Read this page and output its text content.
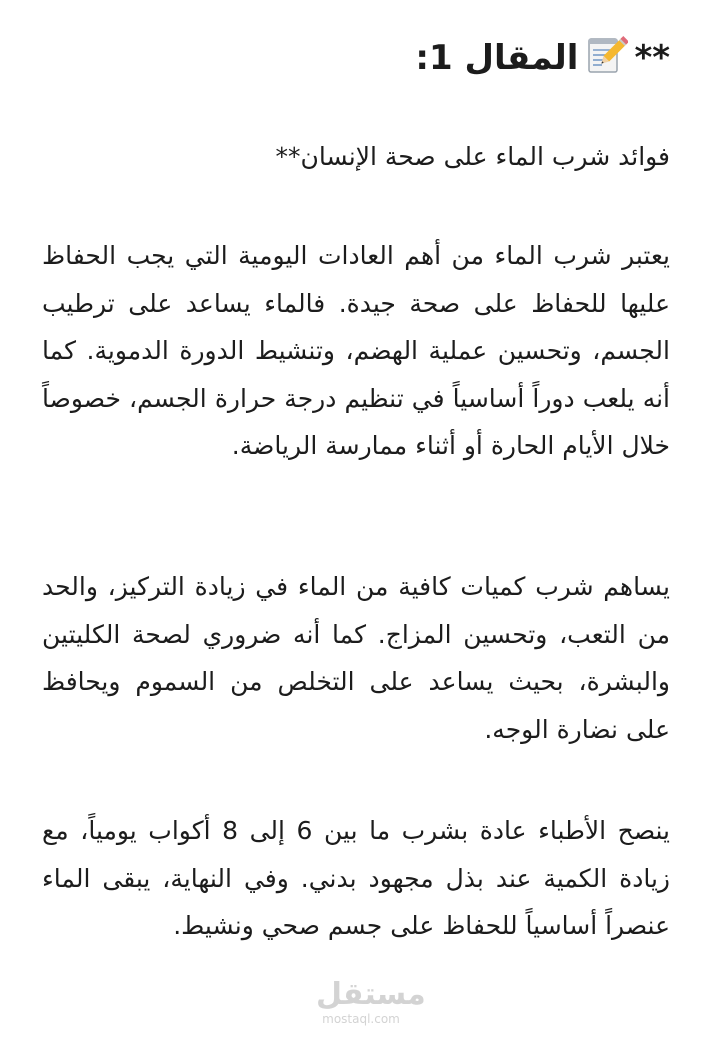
**المقال 1:

فوائد شرب الماء على صحة الإنسان**

يعتبر شرب الماء من أهم العادات اليومية التي يجب الحفاظ عليها للحفاظ على صحة جيدة. فالماء يساعد على ترطيب الجسم، وتحسين عملية الهضم، وتنشيط الدورة الدموية. كما أنه يلعب دوراً أساسياً في تنظيم درجة حرارة الجسم، خصوصاً خلال الأيام الحارة أو أثناء ممارسة الرياضة.

يساهم شرب كميات كافية من الماء في زيادة التركيز، والحد من التعب، وتحسين المزاج. كما أنه ضروري لصحة الكليتين والبشرة، بحيث يساعد على التخلص من السموم ويحافظ على نضارة الوجه.

ينصح الأطباء عادة بشرب ما بين 6 إلى 8 أكواب يومياً، مع زيادة الكمية عند بذل مجهود بدني. وفي النهاية، يبقى الماء عنصراً أساسياً للحفاظ على جسم صحي ونشيط.

مستقل
mostaql.com
